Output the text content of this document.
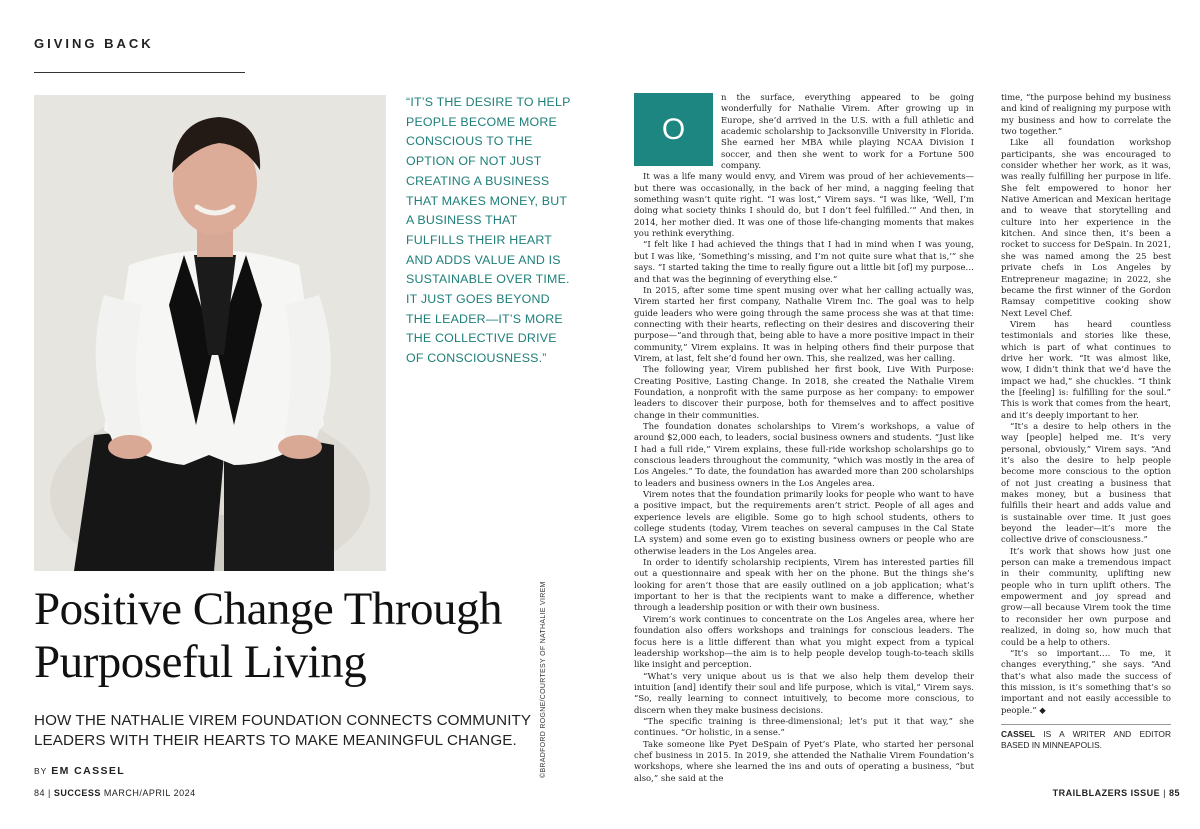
GIVING BACK
“IT’S THE DESIRE TO HELP PEOPLE BECOME MORE CONSCIOUS TO THE OPTION OF NOT JUST CREATING A BUSINESS THAT MAKES MONEY, BUT A BUSINESS THAT FULFILLS THEIR HEART AND ADDS VALUE AND IS SUSTAINABLE OVER TIME. IT JUST GOES BEYOND THE LEADER—IT’S MORE THE COLLECTIVE DRIVE OF CONSCIOUSNESS.”
©BRADFORD ROGNE/COURTESY OF NATHALIE VIREM
Positive Change Through Purposeful Living
HOW THE NATHALIE VIREM FOUNDATION CONNECTS COMMUNITY LEADERS WITH THEIR HEARTS TO MAKE MEANINGFUL CHANGE.
BY EM CASSEL
84 | SUCCESS MARCH/APRIL 2024	TRAILBLAZERS ISSUE | 85

O
n the surface, everything appeared to be going wonderfully for Nathalie Virem. After growing up in Europe, she’d arrived in the U.S. with a full athletic and academic scholarship to Jacksonville University in Florida. She earned her MBA while playing NCAA Division I soccer, and then she went to work for a Fortune 500 company.

It was a life many would envy, and Virem was proud of her achievements—but there was occasionally, in the back of her mind, a nagging feeling that something wasn’t quite right. “I was lost,” Virem says. “I was like, ‘Well, I’m doing what society thinks I should do, but I don’t feel fulfilled.’” And then, in 2014, her mother died. It was one of those life-changing moments that makes you rethink everything.

“I felt like I had achieved the things that I had in mind when I was young, but I was like, ‘Something’s missing, and I’m not quite sure what that is,’” she says. “I started taking the time to really figure out a little bit [of] my purpose… and that was the beginning of everything else.”

In 2015, after some time spent musing over what her calling actually was, Virem started her first company, Nathalie Virem Inc. The goal was to help guide leaders who were going through the same process she was at that time: connecting with their hearts, reflecting on their desires and discovering their purpose—“and through that, being able to have a more positive impact in their community,” Virem explains. It was in helping others find their purpose that Virem, at last, felt she’d found her own. This, she realized, was her calling.

The following year, Virem published her first book, Live With Purpose: Creating Positive, Lasting Change. In 2018, she created the Nathalie Virem Foundation, a nonprofit with the same purpose as her company: to empower leaders to discover their purpose, both for themselves and to affect positive change in their communities.

The foundation donates scholarships to Virem’s workshops, a value of around $2,000 each, to leaders, social business owners and students. “Just like I had a full ride,” Virem explains, these full-ride workshop scholarships go to conscious leaders throughout the community, “which was mostly in the area of Los Angeles.” To date, the foundation has awarded more than 200 scholarships to leaders and business owners in the Los Angeles area.

Virem notes that the foundation primarily looks for people who want to have a positive impact, but the requirements aren’t strict. People of all ages and experience levels are eligible. Some go to high school students, others to college students (today, Virem teaches on several campuses in the Cal State LA system) and some even go to existing business owners or people who are otherwise leaders in the Los Angeles area.

In order to identify scholarship recipients, Virem has interested parties fill out a questionnaire and speak with her on the phone. But the things she’s looking for aren’t those that are easily outlined on a job application; what’s important to her is that the recipients want to make a difference, whether through a leadership position or with their own business.

Virem’s work continues to concentrate on the Los Angeles area, where her foundation also offers workshops and trainings for conscious leaders. The focus here is a little different than what you might expect from a typical leadership workshop—the aim is to help people develop tough-to-teach skills like insight and perception.

“What’s very unique about us is that we also help them develop their intuition [and] identify their soul and life purpose, which is vital,” Virem says. “So, really learning to connect intuitively, to become more conscious, to discern when they make business decisions.

“The specific training is three-dimensional; let’s put it that way,” she continues. “Or holistic, in a sense.”

Take someone like Pyet DeSpain of Pyet’s Plate, who started her personal chef business in 2015. In 2019, she attended the Nathalie Virem Foundation’s workshops, where she learned the ins and outs of operating a business, “but also,” she said at the

time, “the purpose behind my business and kind of realigning my purpose with my business and how to correlate the two together.”

Like all foundation workshop participants, she was encouraged to consider whether her work, as it was, was really fulfilling her purpose in life. She felt empowered to honor her Native American and Mexican heritage and to weave that storytelling and culture into her experience in the kitchen. And since then, it’s been a rocket to success for DeSpain. In 2021, she was named among the 25 best private chefs in Los Angeles by Entrepreneur magazine; in 2022, she became the first winner of the Gordon Ramsay competitive cooking show Next Level Chef.

Virem has heard countless testimonials and stories like these, which is part of what continues to drive her work. “It was almost like, wow, I didn’t think that we’d have the impact we had,” she chuckles. “I think the [feeling] is: fulfilling for the soul.” This is work that comes from the heart, and it’s deeply important to her.

“It’s a desire to help others in the way [people] helped me. It’s very personal, obviously,” Virem says. “And it’s also the desire to help people become more conscious to the option of not just creating a business that makes money, but a business that fulfills their heart and adds value and is sustainable over time. It just goes beyond the leader—it’s more the collective drive of consciousness.”

It’s work that shows how just one person can make a tremendous impact in their community, uplifting new people who in turn uplift others. The empowerment and joy spread and grow—all because Virem took the time to reconsider her own purpose and realized, in doing so, how much that could be a help to others.

“It’s so important…. To me, it changes everything,” she says. “And that’s what also made the success of this mission, is it’s something that’s so important and not easily accessible to people.” ◆

CASSEL IS A WRITER AND EDITOR BASED IN MINNEAPOLIS.
